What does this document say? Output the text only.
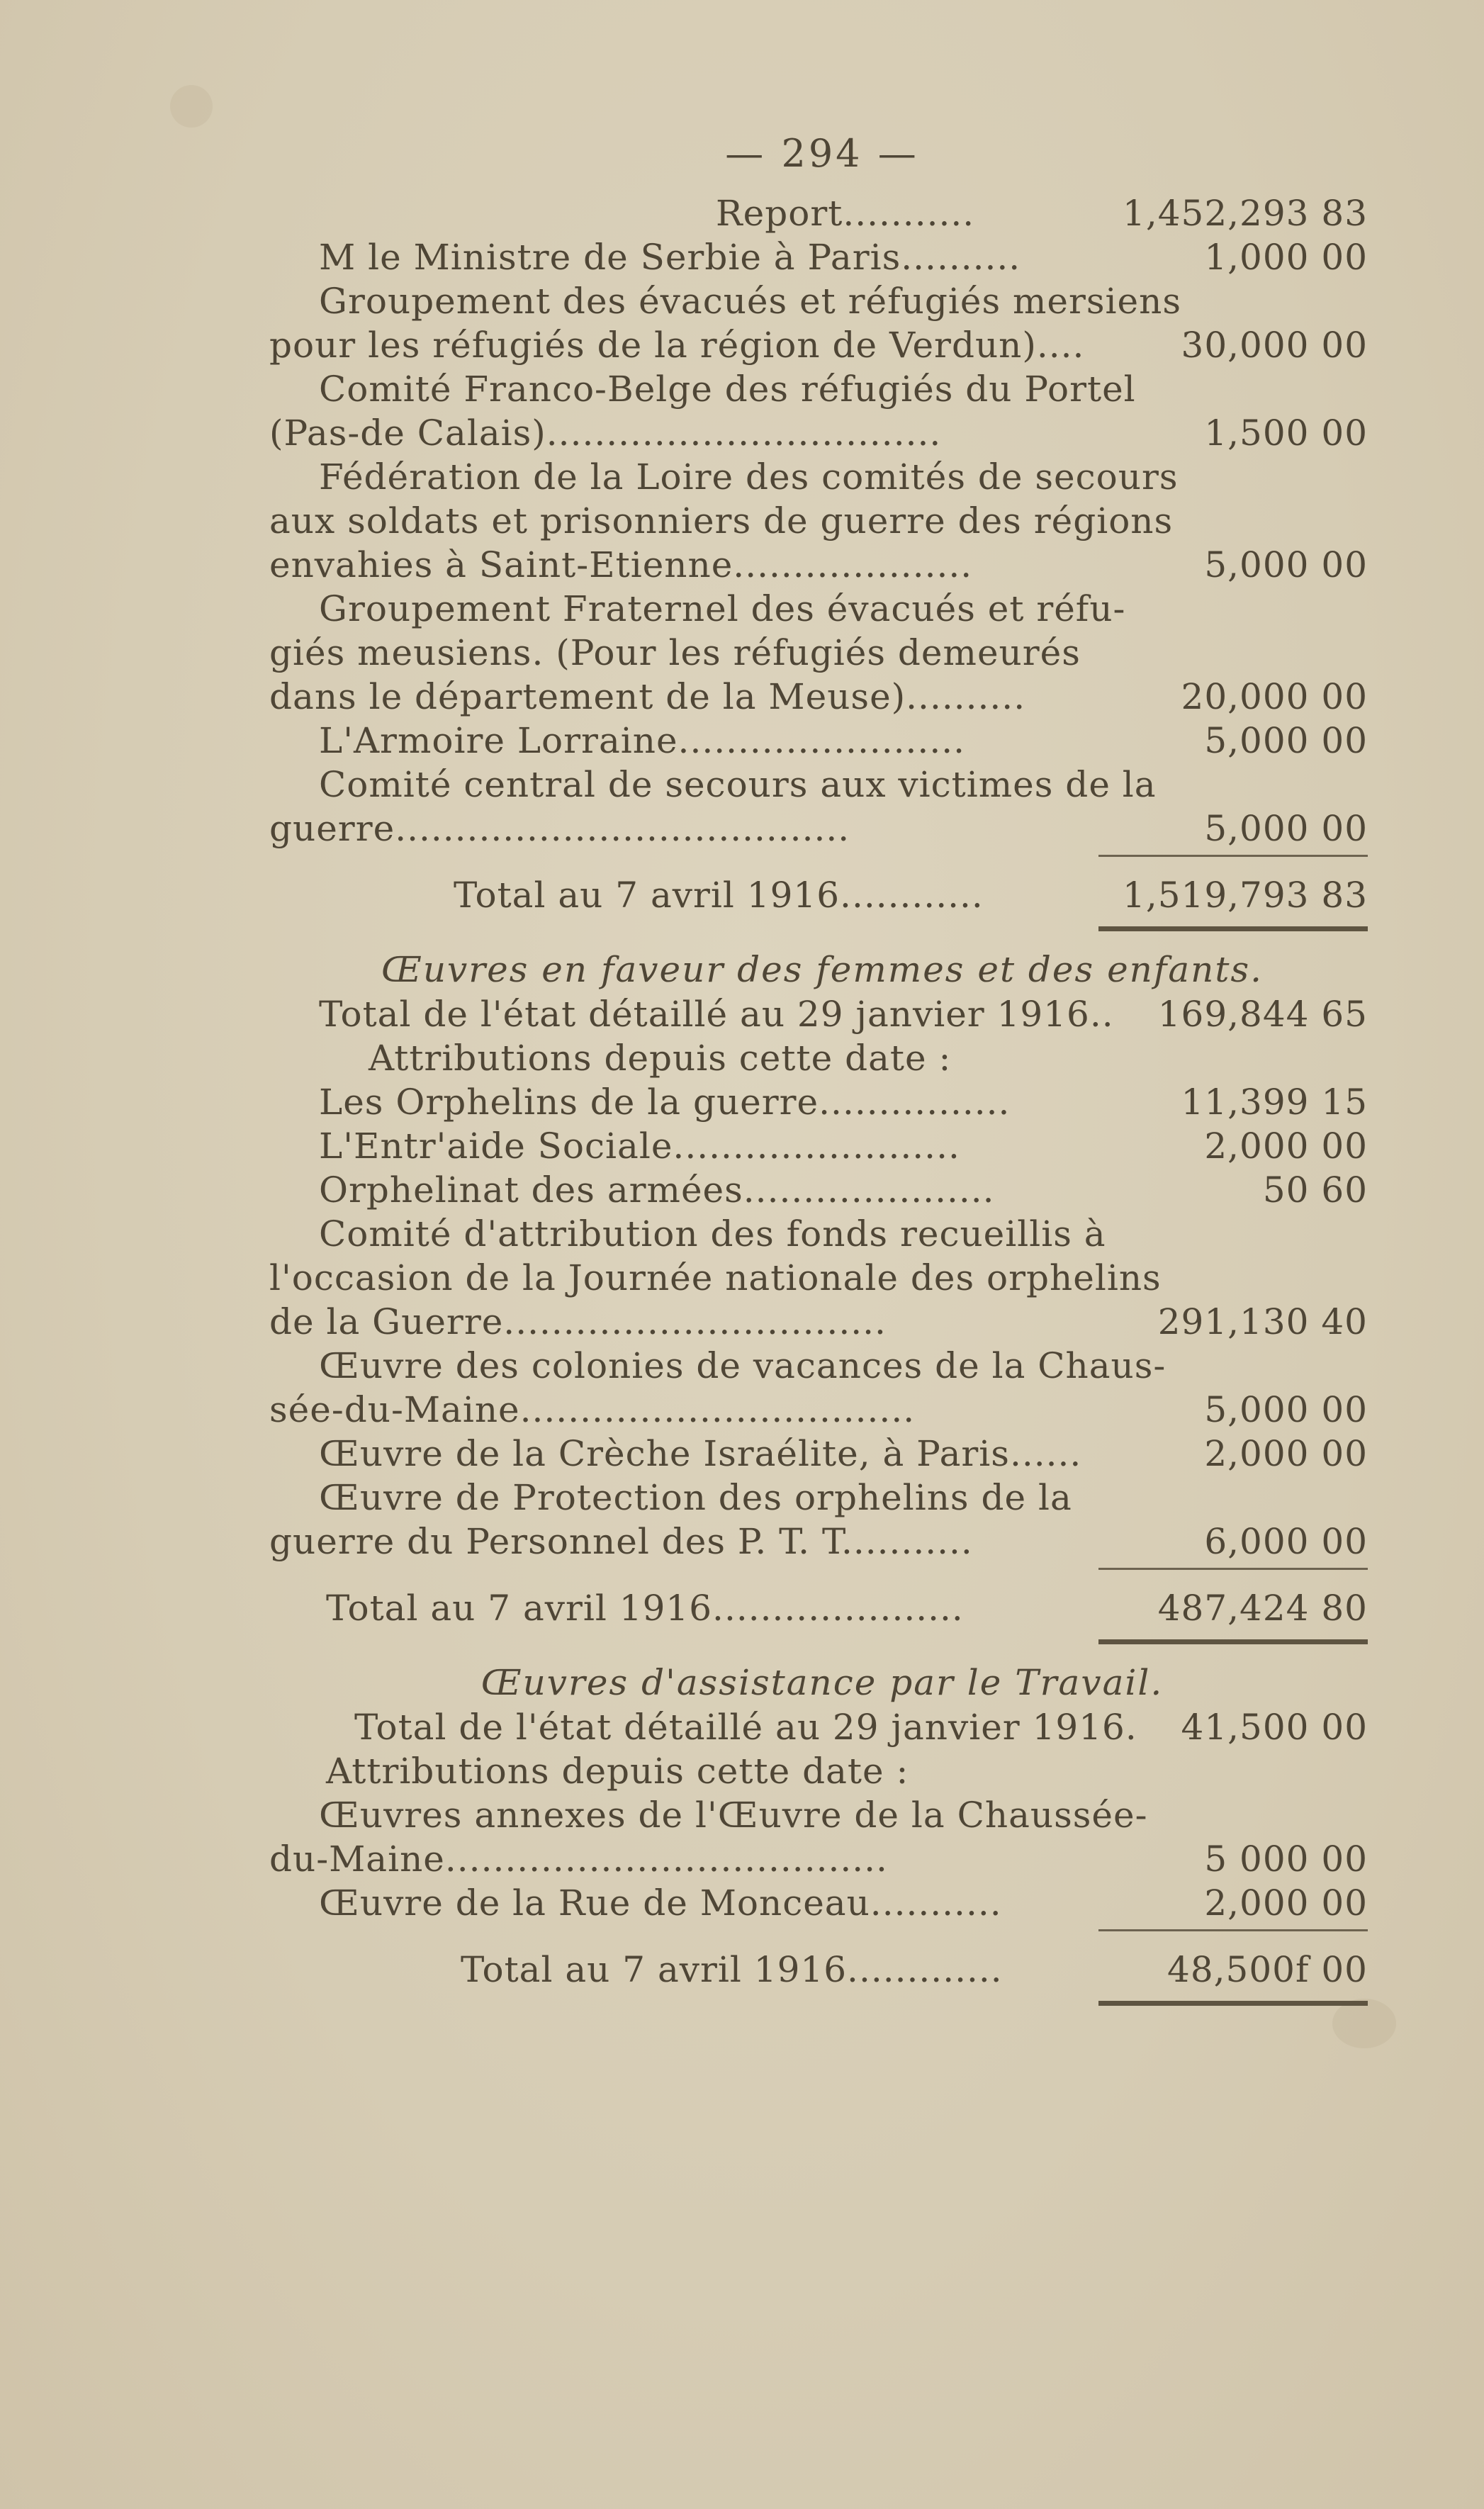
— 294 —
Report...........	1,452,293 83
M le Ministre de Serbie à Paris..........	1,000 00
Groupement des évacués et réfugiés mersiens
pour les réfugiés de la région de Verdun)....	30,000 00
Comité Franco-Belge des réfugiés du Portel
(Pas-de Calais).................................	1,500 00
Fédération de la Loire des comités de secours
aux soldats et prisonniers de guerre des régions
envahies à Saint-Etienne....................	5,000 00
Groupement Fraternel des évacués et réfu-
giés meusiens. (Pour les réfugiés demeurés
dans le département de la Meuse)..........	20,000 00
L'Armoire Lorraine........................	5,000 00
Comité central de secours aux victimes de la
guerre......................................	5,000 00
Total au 7 avril 1916............	1,519,793 83
Œuvres en faveur des femmes et des enfants.
Total de l'état détaillé au 29 janvier 1916..	169,844 65
Attributions depuis cette date :
Les Orphelins de la guerre................	11,399 15
L'Entr'aide Sociale........................	2,000 00
Orphelinat des armées.....................	50 60
Comité d'attribution des fonds recueillis à
l'occasion de la Journée nationale des orphelins
de la Guerre................................	291,130 40
Œuvre des colonies de vacances de la Chaus-
sée-du-Maine.................................	5,000 00
Œuvre de la Crèche Israélite, à Paris......	2,000 00
Œuvre de Protection des orphelins de la
guerre du Personnel des P. T. T...........	6,000 00
Total au 7 avril 1916.....................	487,424 80
Œuvres d'assistance par le Travail.
Total de l'état détaillé au 29 janvier 1916.	41,500 00
Attributions depuis cette date :
Œuvres annexes de l'Œuvre de la Chaussée-
du-Maine.....................................	5 000 00
Œuvre de la Rue de Monceau...........	2,000 00
Total au 7 avril 1916.............	48,500f 00
